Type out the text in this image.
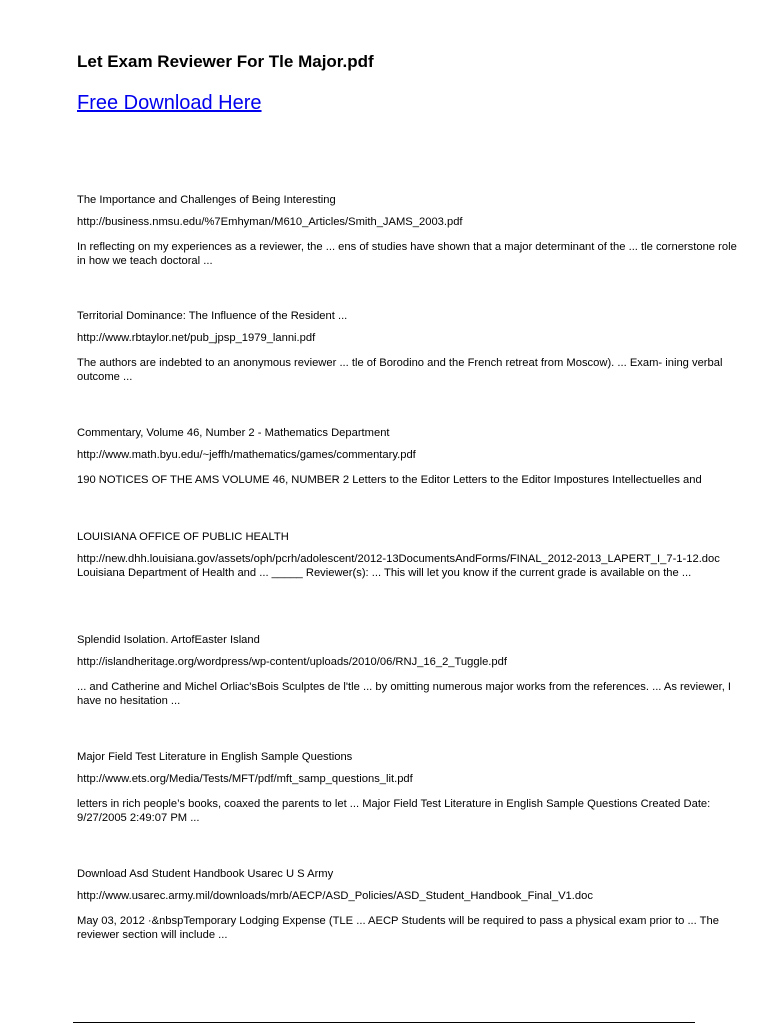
Let Exam Reviewer For Tle Major.pdf
Free Download Here
The Importance and Challenges of Being Interesting
http://business.nmsu.edu/%7Emhyman/M610_Articles/Smith_JAMS_2003.pdf
In reflecting on my experiences as a reviewer, the ... ens of studies have shown that a major determinant of the ... tle cornerstone role in how we teach doctoral ...
Territorial Dominance: The Influence of the Resident ...
http://www.rbtaylor.net/pub_jpsp_1979_lanni.pdf
The authors are indebted to an anonymous reviewer ... tle of Borodino and the French retreat from Moscow). ... Exam- ining verbal outcome ...
Commentary, Volume 46, Number 2 - Mathematics Department
http://www.math.byu.edu/~jeffh/mathematics/games/commentary.pdf
190 NOTICES OF THE AMS VOLUME 46, NUMBER 2 Letters to the Editor Letters to the Editor Impostures Intellectuelles and
LOUISIANA OFFICE OF PUBLIC HEALTH
http://new.dhh.louisiana.gov/assets/oph/pcrh/adolescent/2012-13DocumentsAndForms/FINAL_2012-2013_LAPERT_I_7-1-12.doc
Louisiana Department of Health and ... _____ Reviewer(s): ... This will let you know if the current grade is available on the ...
Splendid Isolation. ArtofEaster Island
http://islandheritage.org/wordpress/wp-content/uploads/2010/06/RNJ_16_2_Tuggle.pdf
... and Catherine and Michel Orliac'sBois Sculptes de l'tle ... by omitting numerous major works from the references. ... As reviewer, I have no hesitation ...
Major Field Test Literature in English Sample Questions
http://www.ets.org/Media/Tests/MFT/pdf/mft_samp_questions_lit.pdf
letters in rich people’s books, coaxed the parents to let ... Major Field Test Literature in English Sample Questions Created Date: 9/27/2005 2:49:07 PM ...
Download Asd Student Handbook Usarec U S Army
http://www.usarec.army.mil/downloads/mrb/AECP/ASD_Policies/ASD_Student_Handbook_Final_V1.doc
May 03, 2012 ·&nbspTemporary Lodging Expense (TLE ... AECP Students will be required to pass a physical exam prior to ... The reviewer section will include ...
